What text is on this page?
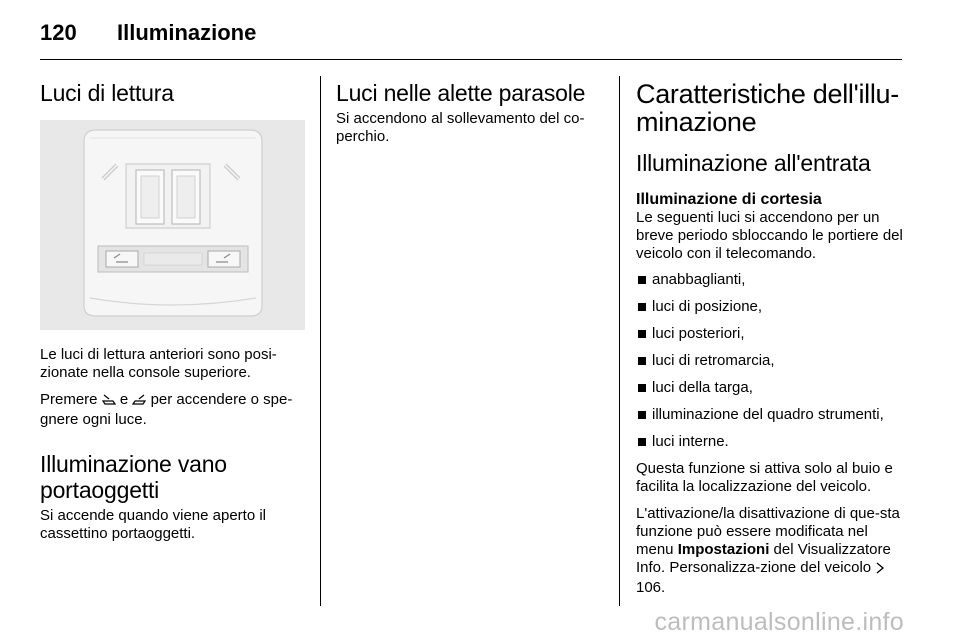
120 Illuminazione
Luci di lettura

Le luci di lettura anteriori sono posi-zionate nella console superiore.

Premere e per accendere o spe-gnere ogni luce.

Illuminazione vano portaoggetti

Si accende quando viene aperto il cassettino portaoggetti.

Luci nelle alette parasole

Si accendono al sollevamento del co-perchio.

Caratteristiche dell'illu-minazione
Illuminazione all'entrata
Illuminazione di cortesia

Le seguenti luci si accendono per un breve periodo sbloccando le portiere del veicolo con il telecomando.

anabbaglianti,
luci di posizione,
luci posteriori,
luci di retromarcia,
luci della targa,
illuminazione del quadro strumenti,
luci interne.

Questa funzione si attiva solo al buio e facilita la localizzazione del veicolo.

L'attivazione/la disattivazione di que-sta funzione può essere modificata nel menu Impostazioni del Visualizzatore Info. Personalizza-zione del veicolo  106.

carmanualsonline.info
